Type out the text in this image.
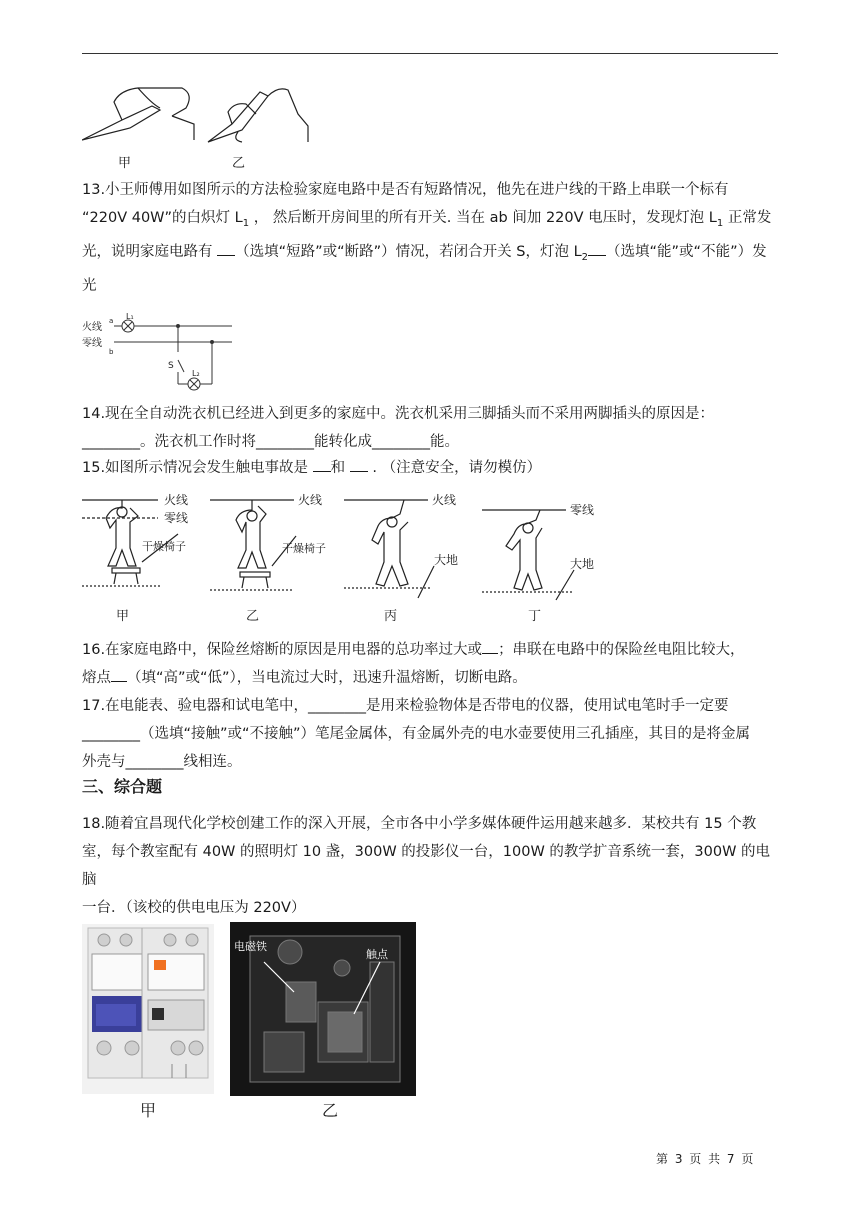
甲	乙
13.小王师傅用如图所示的方法检验家庭电路中是否有短路情况，他先在进户线的干路上串联一个标有
“220V 40W”的白炽灯 $L_1$ ， 然后断开房间里的所有开关. 当在 ab 间加 220V 电压时，发现灯泡 $L_1$ 正常发
光，说明家庭电路有 （选填“短路”或“断路”）情况，若闭合开关 S，灯泡 $L_2$ （选填“能”或“不能”）发
光
火线
零线
a
b
L₁
S
L₂
14.现在全自动洗衣机已经进入到更多的家庭中。洗衣机采用三脚插头而不采用两脚插头的原因是：
________。洗衣机工作时将________能转化成________能。
15.如图所示情况会发生触电事故是 和  . （注意安全，请勿模仿）
火线
零线
干燥椅子
火线
干燥椅子
火线
大地
零线
大地
甲	乙	丙	丁
16.在家庭电路中，保险丝熔断的原因是用电器的总功率过大或 ；串联在电路中的保险丝电阻比较大，
熔点 （填“高”或“低”），当电流过大时，迅速升温熔断，切断电路。
17.在电能表、验电器和试电笔中，________是用来检验物体是否带电的仪器，使用试电笔时手一定要
________（选填“接触”或“不接触”）笔尾金属体，有金属外壳的电水壶要使用三孔插座，其目的是将金属
外壳与________线相连。
三、综合题
18.随着宜昌现代化学校创建工作的深入开展，全市各中小学多媒体硬件运用越来越多．某校共有 15 个教
室，每个教室配有 40W 的照明灯 10 盏，300W 的投影仪一台，100W 的教学扩音系统一套，300W 的电脑
一台．（该校的供电电压为 220V）
甲
电磁铁
触点
乙
第 3 页 共 7 页
